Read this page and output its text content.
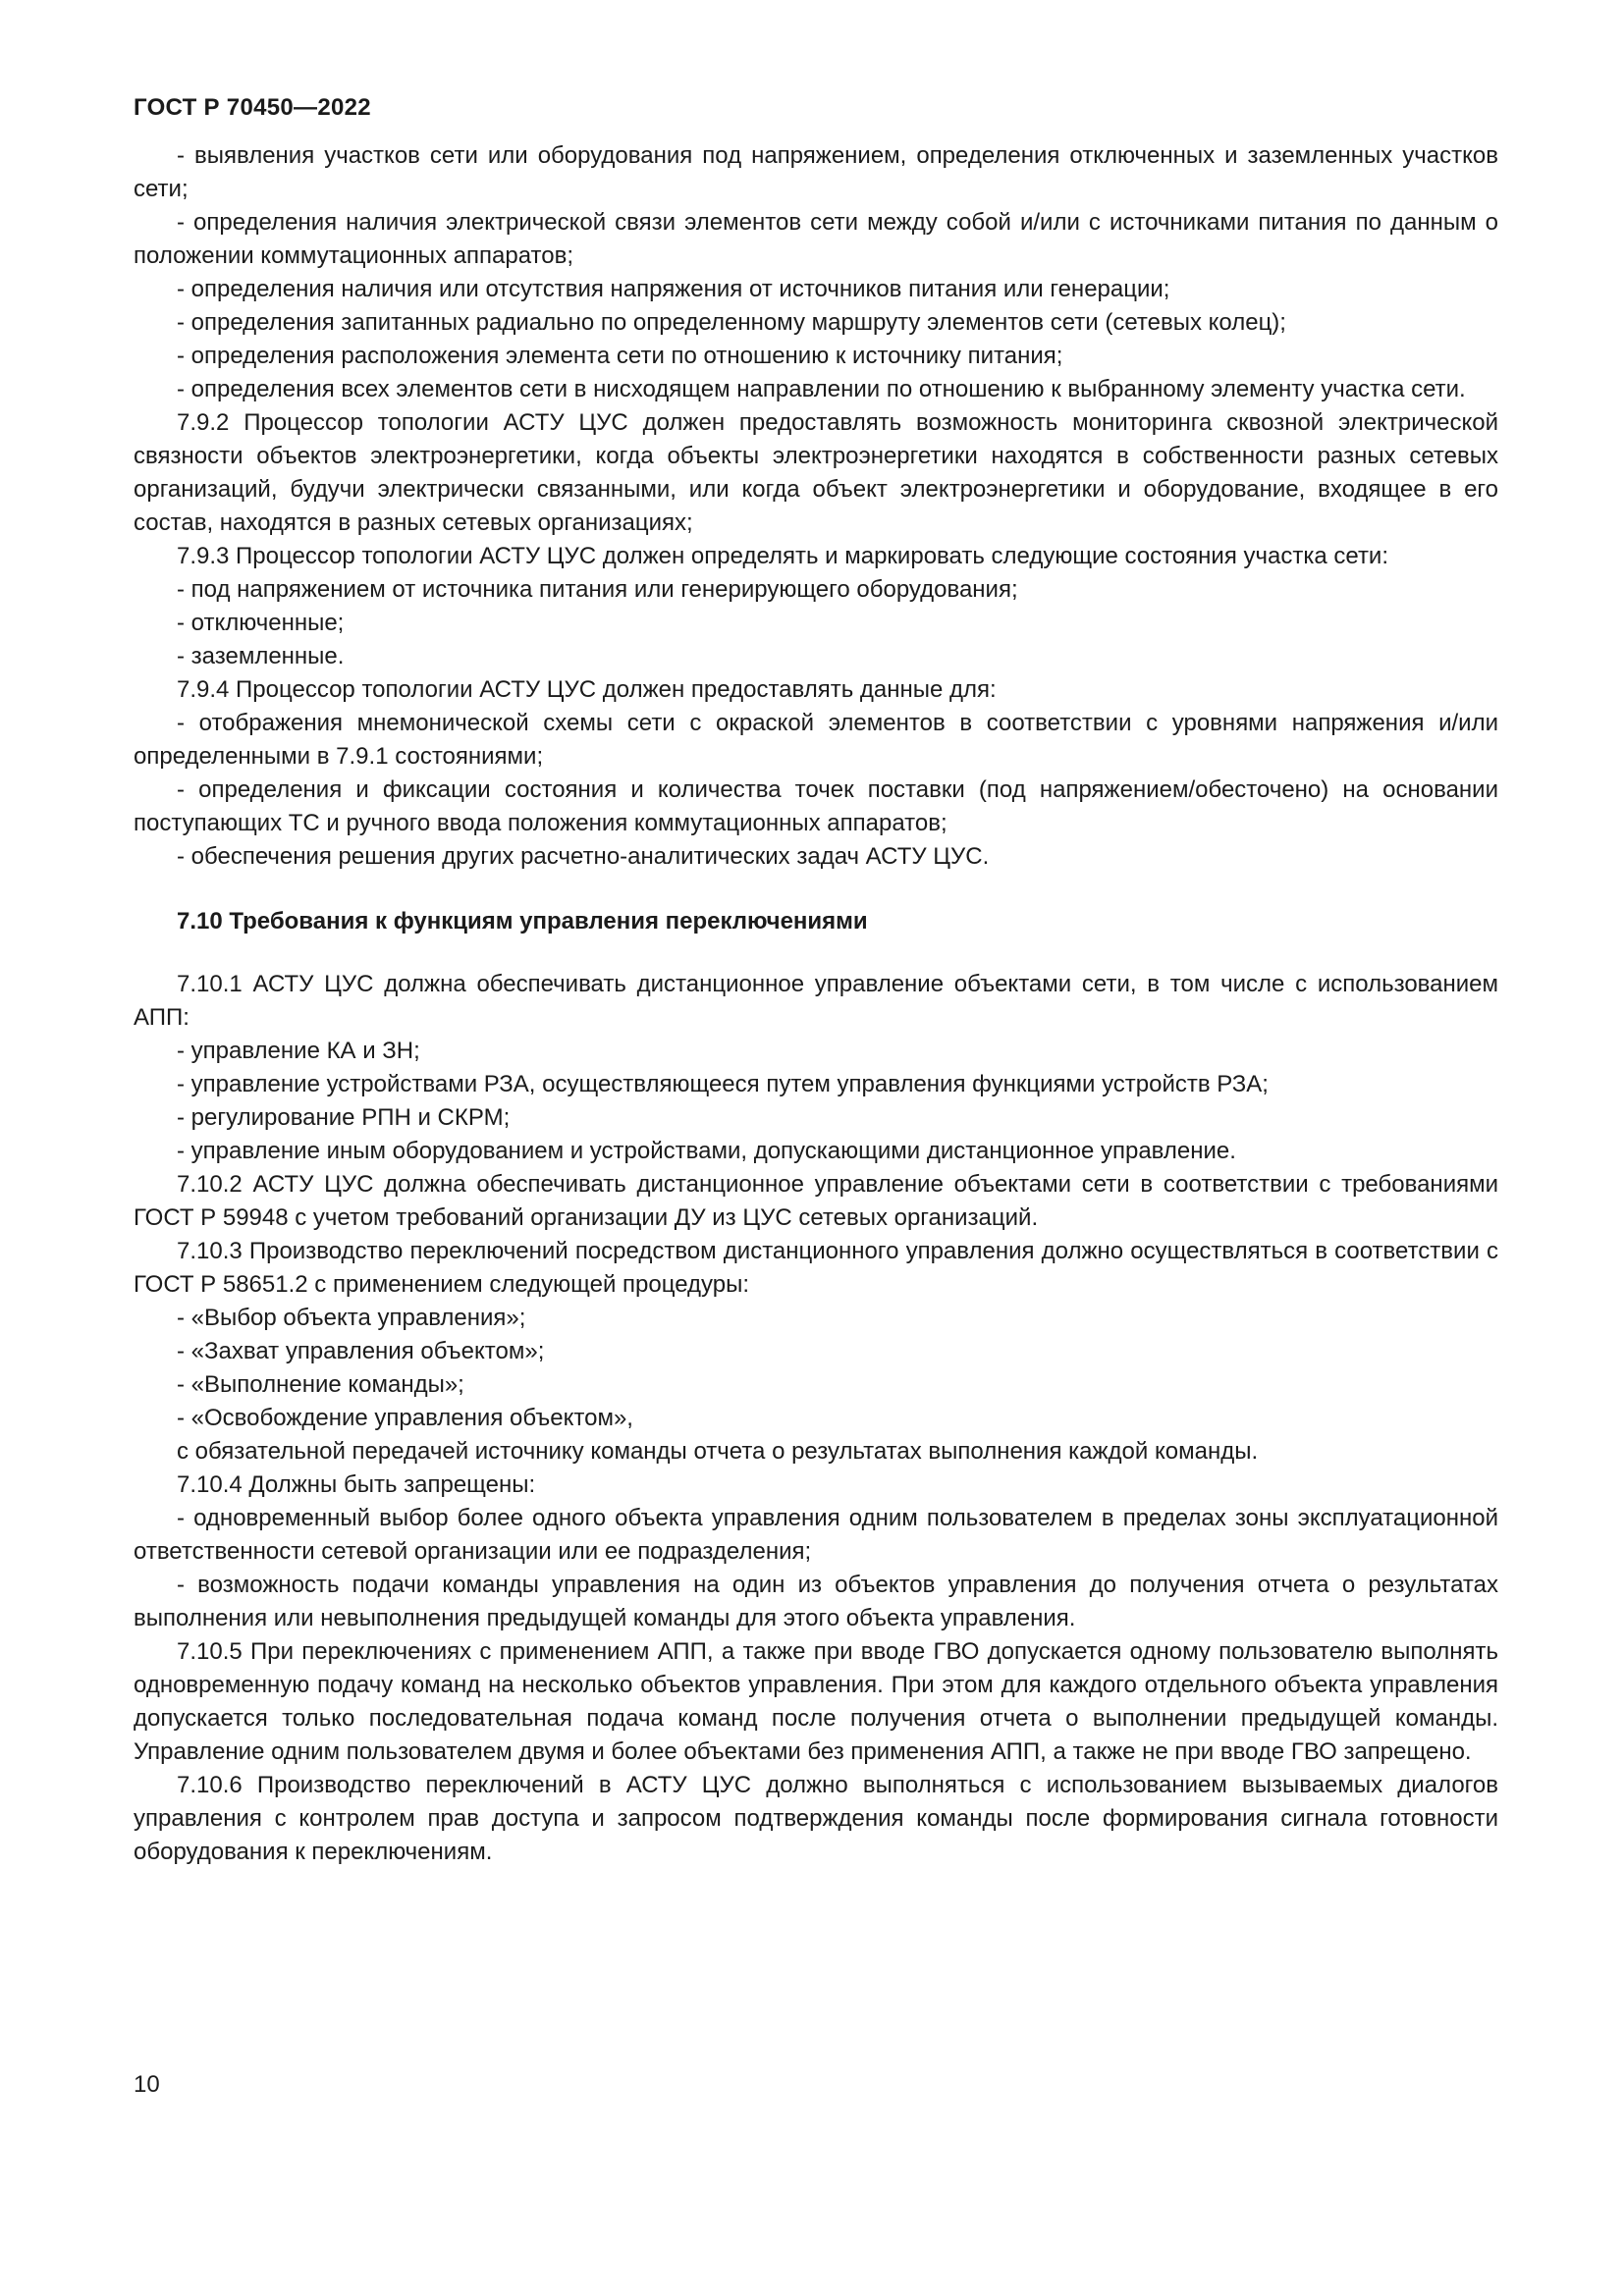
ГОСТ Р 70450—2022

- выявления участков сети или оборудования под напряжением, определения отключенных и заземленных участков сети;

- определения наличия электрической связи элементов сети между собой и/или с источниками питания по данным о положении коммутационных аппаратов;

- определения наличия или отсутствия напряжения от источников питания или генерации;

- определения запитанных радиально по определенному маршруту элементов сети (сетевых колец);

- определения расположения элемента сети по отношению к источнику питания;

- определения всех элементов сети в нисходящем направлении по отношению к выбранному элементу участка сети.

7.9.2 Процессор топологии АСТУ ЦУС должен предоставлять возможность мониторинга сквозной электрической связности объектов электроэнергетики, когда объекты электроэнергетики находятся в собственности разных сетевых организаций, будучи электрически связанными, или когда объект электроэнергетики и оборудование, входящее в его состав, находятся в разных сетевых организациях;

7.9.3 Процессор топологии АСТУ ЦУС должен определять и маркировать следующие состояния участка сети:

- под напряжением от источника питания или генерирующего оборудования;

- отключенные;

- заземленные.

7.9.4 Процессор топологии АСТУ ЦУС должен предоставлять данные для:

- отображения мнемонической схемы сети с окраской элементов в соответствии с уровнями напряжения и/или определенными в 7.9.1 состояниями;

- определения и фиксации состояния и количества точек поставки (под напряжением/обесточено) на основании поступающих ТС и ручного ввода положения коммутационных аппаратов;

- обеспечения решения других расчетно-аналитических задач АСТУ ЦУС.

7.10 Требования к функциям управления переключениями

7.10.1 АСТУ ЦУС должна обеспечивать дистанционное управление объектами сети, в том числе с использованием АПП:

- управление КА и ЗН;

- управление устройствами РЗА, осуществляющееся путем управления функциями устройств РЗА;

- регулирование РПН и СКРМ;

- управление иным оборудованием и устройствами, допускающими дистанционное управление.

7.10.2 АСТУ ЦУС должна обеспечивать дистанционное управление объектами сети в соответствии с требованиями ГОСТ Р 59948 с учетом требований организации ДУ из ЦУС сетевых организаций.

7.10.3 Производство переключений посредством дистанционного управления должно осуществляться в соответствии с ГОСТ Р 58651.2 с применением следующей процедуры:

- «Выбор объекта управления»;

- «Захват управления объектом»;

- «Выполнение команды»;

- «Освобождение управления объектом»,

с обязательной передачей источнику команды отчета о результатах выполнения каждой команды.

7.10.4 Должны быть запрещены:

- одновременный выбор более одного объекта управления одним пользователем в пределах зоны эксплуатационной ответственности сетевой организации или ее подразделения;

- возможность подачи команды управления на один из объектов управления до получения отчета о результатах выполнения или невыполнения предыдущей команды для этого объекта управления.

7.10.5 При переключениях с применением АПП, а также при вводе ГВО допускается одному пользователю выполнять одновременную подачу команд на несколько объектов управления. При этом для каждого отдельного объекта управления допускается только последовательная подача команд после получения отчета о выполнении предыдущей команды. Управление одним пользователем двумя и более объектами без применения АПП, а также не при вводе ГВО запрещено.

7.10.6 Производство переключений в АСТУ ЦУС должно выполняться с использованием вызываемых диалогов управления с контролем прав доступа и запросом подтверждения команды после формирования сигнала готовности оборудования к переключениям.

10
